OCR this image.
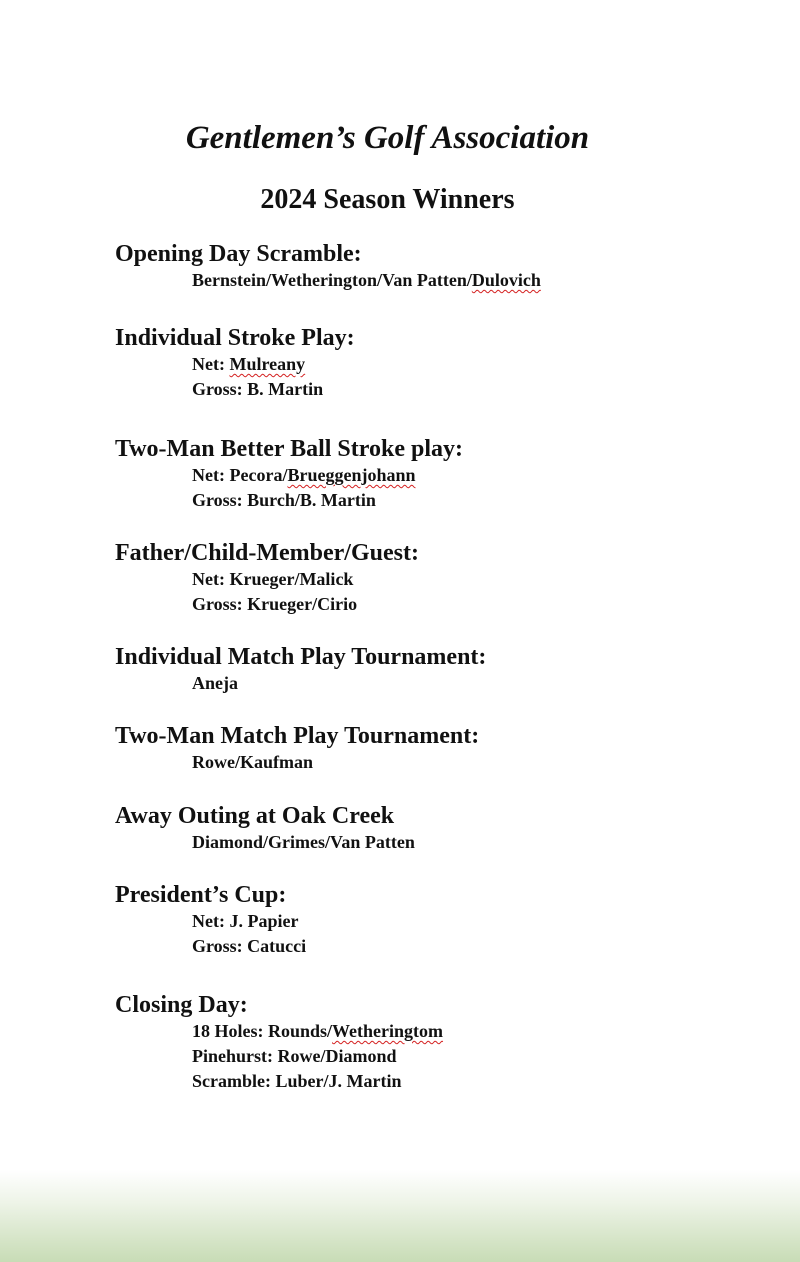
Gentlemen’s Golf Association
2024 Season Winners
Opening Day Scramble:
Bernstein/Wetherington/Van Patten/Dulovich
Individual Stroke Play:
Net: Mulreany
Gross: B. Martin
Two-Man Better Ball Stroke play:
Net: Pecora/Brueggenjohann
Gross: Burch/B. Martin
Father/Child-Member/Guest:
Net: Krueger/Malick
Gross: Krueger/Cirio
Individual Match Play Tournament:
Aneja
Two-Man Match Play Tournament:
Rowe/Kaufman
Away Outing at Oak Creek
Diamond/Grimes/Van Patten
President’s Cup:
Net: J. Papier
Gross: Catucci
Closing Day:
18 Holes: Rounds/Wetheringtom
Pinehurst: Rowe/Diamond
Scramble: Luber/J. Martin
